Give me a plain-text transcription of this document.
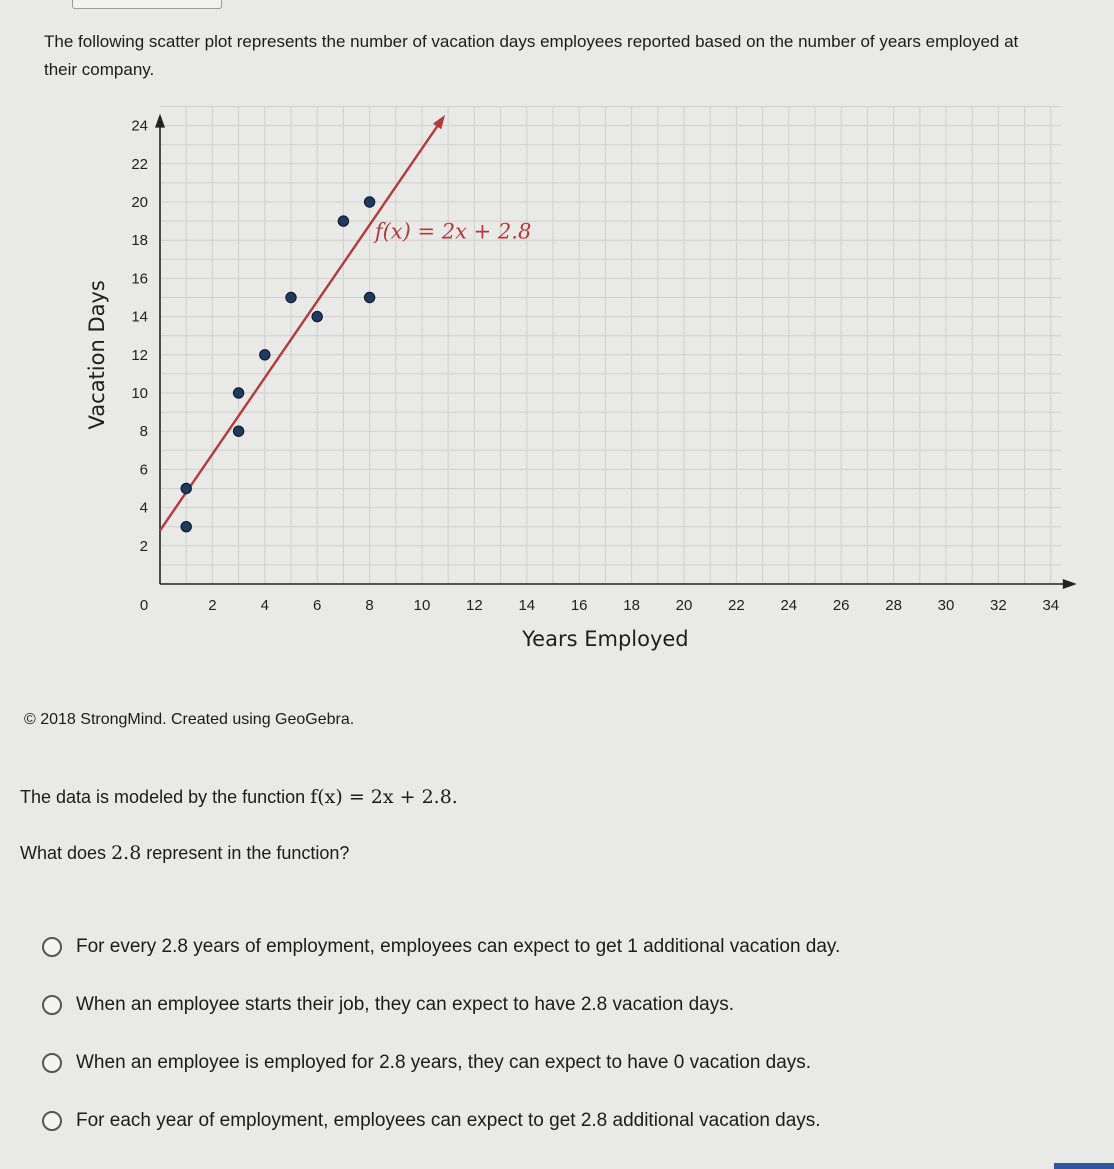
The following scatter plot represents the number of vacation days employees reported based on the number of years employed at their company.
0	2	4	6	8	10 12 14 16 18 20 22 24 26 28 30 32 34
2
4
6
8
10
12
14
16
18
20
22
24
Years Employed
Vacation Days
f(x) = 2x + 2.8
© 2018 StrongMind. Created using GeoGebra.
The data is modeled by the function f(x) = 2x + 2.8.
What does 2.8 represent in the function?
For every 2.8 years of employment, employees can expect to get 1 additional vacation day.
When an employee starts their job, they can expect to have 2.8 vacation days.
When an employee is employed for 2.8 years, they can expect to have 0 vacation days.
For each year of employment, employees can expect to get 2.8 additional vacation days.
